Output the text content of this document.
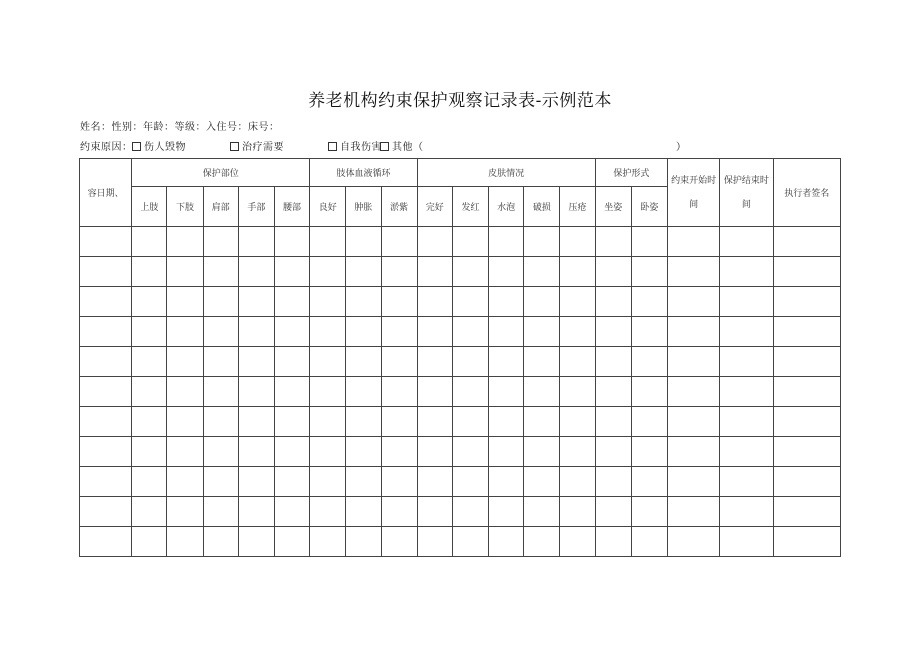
养老机构约束保护观察记录表-示例范本
姓名：性别：年龄：等级：入住号：床号：
约束原因：	伤人毁物	治疗需要	自我伤害	其他（	）
容日期、	保护部位					肢体血液循环			皮肤情况					保护形式		约束开始时间	保护结束时间	执行者签名
	上肢	下肢	肩部	手部	腰部	良好	肿胀	淤紫	完好	发红	水泡	破损	压疮	坐姿	卧姿			
